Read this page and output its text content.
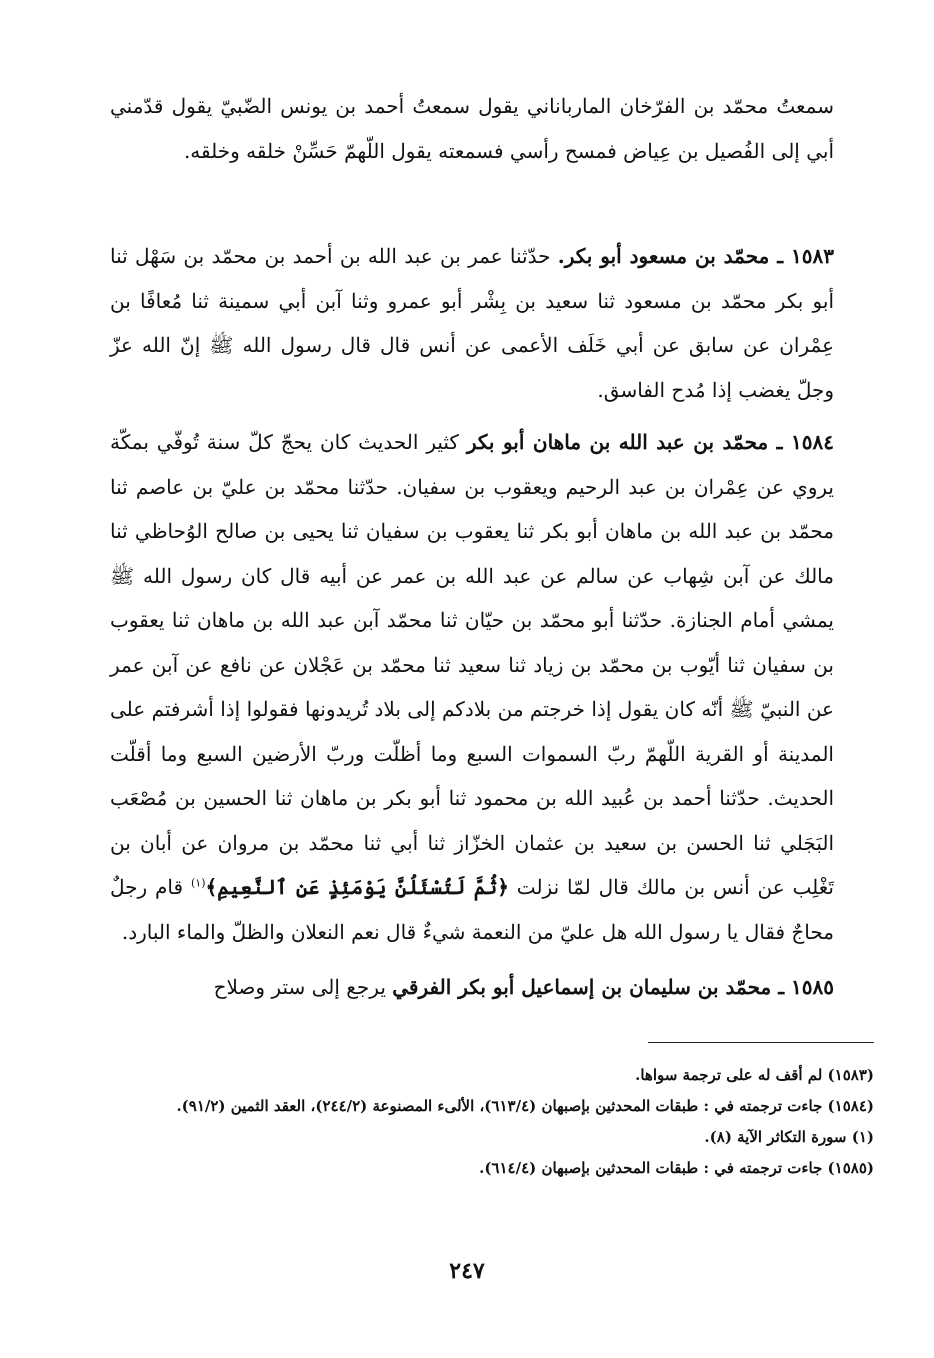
سمعتُ محمّد بن الفرّخان المارباناني يقول سمعتُ أحمد بن يونس الضّبيّ يقول قدّمني أبي إلى الفُصيل بن عِياض فمسح رأسي فسمعته يقول اللّهمّ حَسِّنْ خلقه وخلقه.
١٥٨٣ ـ محمّد بن مسعود أبو بكر. حدّثنا عمر بن عبد الله بن أحمد بن محمّد بن سَهْل ثنا أبو بكر محمّد بن مسعود ثنا سعيد بن بِشْر أبو عمرو وثنا آبن أبي سمينة ثنا مُعافًا بن عِمْران عن سابق عن أبي خَلَف الأعمى عن أنس قال قال رسول الله ﷺ إنّ الله عزّ وجلّ يغضب إذا مُدح الفاسق.
١٥٨٤ ـ محمّد بن عبد الله بن ماهان أبو بكر كثير الحديث كان يحجّ كلّ سنة تُوفّي بمكّة يروي عن عِمْران بن عبد الرحيم ويعقوب بن سفيان. حدّثنا محمّد بن عليّ بن عاصم ثنا محمّد بن عبد الله بن ماهان أبو بكر ثنا يعقوب بن سفيان ثنا يحيى بن صالح الوُحاظي ثنا مالك عن آبن شِهاب عن سالم عن عبد الله بن عمر عن أبيه قال كان رسول الله ﷺ يمشي أمام الجنازة. حدّثنا أبو محمّد بن حيّان ثنا محمّد آبن عبد الله بن ماهان ثنا يعقوب بن سفيان ثنا أيّوب بن محمّد بن زياد ثنا سعيد ثنا محمّد بن عَجْلان عن نافع عن آبن عمر عن النبيّ ﷺ أنّه كان يقول إذا خرجتم من بلادكم إلى بلاد تُريدونها فقولوا إذا أشرفتم على المدينة أو القرية اللّهمّ ربّ السموات السبع وما أظلّت وربّ الأرضين السبع وما أقلّت الحديث. حدّثنا أحمد بن عُبيد الله بن محمود ثنا أبو بكر بن ماهان ثنا الحسين بن مُصْعَب البَجَلي ثنا الحسن بن سعيد بن عثمان الخزّاز ثنا أبي ثنا محمّد بن مروان عن أبان بن تَغْلِب عن أنس بن مالك قال لمّا نزلت ﴿ثُمَّ لَتُسْئَلُنَّ يَوْمَئِذٍ عَنِ ٱلنَّعِيمِ﴾$^{(١)}$ قام رجلٌ محاجٌ فقال يا رسول الله هل عليّ من النعمة شيءٌ قال نعم النعلان والظلّ والماء البارد.
١٥٨٥ ـ محمّد بن سليمان بن إسماعيل أبو بكر الفرقي يرجع إلى ستر وصلاح

(١٥٨٣) لم أقف له على ترجمة سواها.

(١٥٨٤) جاءت ترجمته في : طبقات المحدثين بإصبهان (٦١٣/٤)، الألىء المصنوعة (٢٤٤/٢)، العقد الثمين (٩١/٢).

(١) سورة التكاثر الآية (٨).

(١٥٨٥) جاءت ترجمته في : طبقات المحدثين بإصبهان (٦١٤/٤).

٢٤٧
